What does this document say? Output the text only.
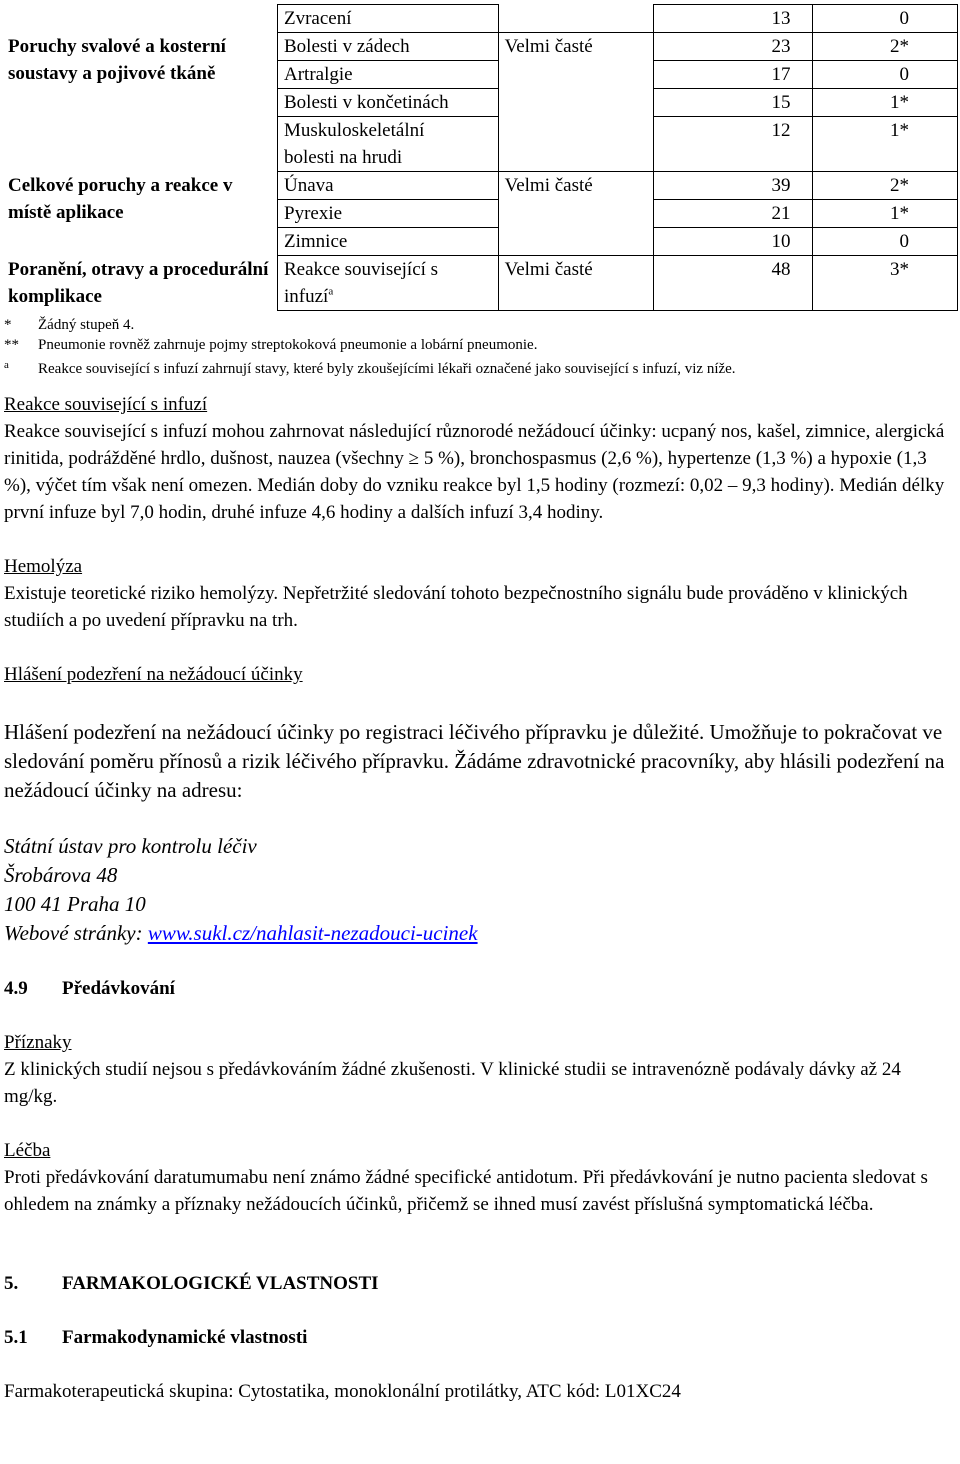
	Zvracení		13	0
Poruchy svalové a kosterní soustavy a pojivové tkáně	Bolesti v zádech	Velmi časté	23	2*
	Artralgie		17	0
	Bolesti v končetinách		15	1*
	Muskuloskeletální bolesti na hrudi		12	1*
Celkové poruchy a reakce v místě aplikace	Únava	Velmi časté	39	2*
	Pyrexie		21	1*
	Zimnice		10	0
Poranění, otravy a procedurální komplikace	Reakce související s infuzí$^a$	Velmi časté	48	3*
*	Žádný stupeň 4.
**	Pneumonie rovněž zahrnuje pojmy streptokoková pneumonie a lobární pneumonie.
a	Reakce související s infuzí zahrnují stavy, které byly zkoušejícími lékaři označené jako související s infuzí, viz níže.

Reakce související s infuzí

Reakce související s infuzí mohou zahrnovat následující různorodé nežádoucí účinky: ucpaný nos, kašel, zimnice, alergická rinitida, podrážděné hrdlo, dušnost, nauzea (všechny ≥ 5 %), bronchospasmus (2,6 %), hypertenze (1,3 %) a hypoxie (1,3 %), výčet tím však není omezen. Medián doby do vzniku reakce byl 1,5 hodiny (rozmezí: 0,02 – 9,3 hodiny). Medián délky první infuze byl 7,0 hodin, druhé infuze 4,6 hodiny a dalších infuzí 3,4 hodiny.

Hemolýza

Existuje teoretické riziko hemolýzy. Nepřetržité sledování tohoto bezpečnostního signálu bude prováděno v klinických studiích a po uvedení přípravku na trh.

Hlášení podezření na nežádoucí účinky

Hlášení podezření na nežádoucí účinky po registraci léčivého přípravku je důležité. Umožňuje to pokračovat ve sledování poměru přínosů a rizik léčivého přípravku. Žádáme zdravotnické pracovníky, aby hlásili podezření na nežádoucí účinky na adresu:

Státní ústav pro kontrolu léčiv

Šrobárova 48

100 41 Praha 10

Webové stránky: www.sukl.cz/nahlasit-nezadouci-ucinek

4.9	Předávkování

Příznaky

Z klinických studií nejsou s předávkováním žádné zkušenosti. V klinické studii se intravenózně podávaly dávky až 24 mg/kg.

Léčba

Proti předávkování daratumumabu není známo žádné specifické antidotum. Při předávkování je nutno pacienta sledovat s ohledem na známky a příznaky nežádoucích účinků, přičemž se ihned musí zavést příslušná symptomatická léčba.

5.	FARMAKOLOGICKÉ VLASTNOSTI
5.1	Farmakodynamické vlastnosti

Farmakoterapeutická skupina: Cytostatika, monoklonální protilátky, ATC kód: L01XC24
